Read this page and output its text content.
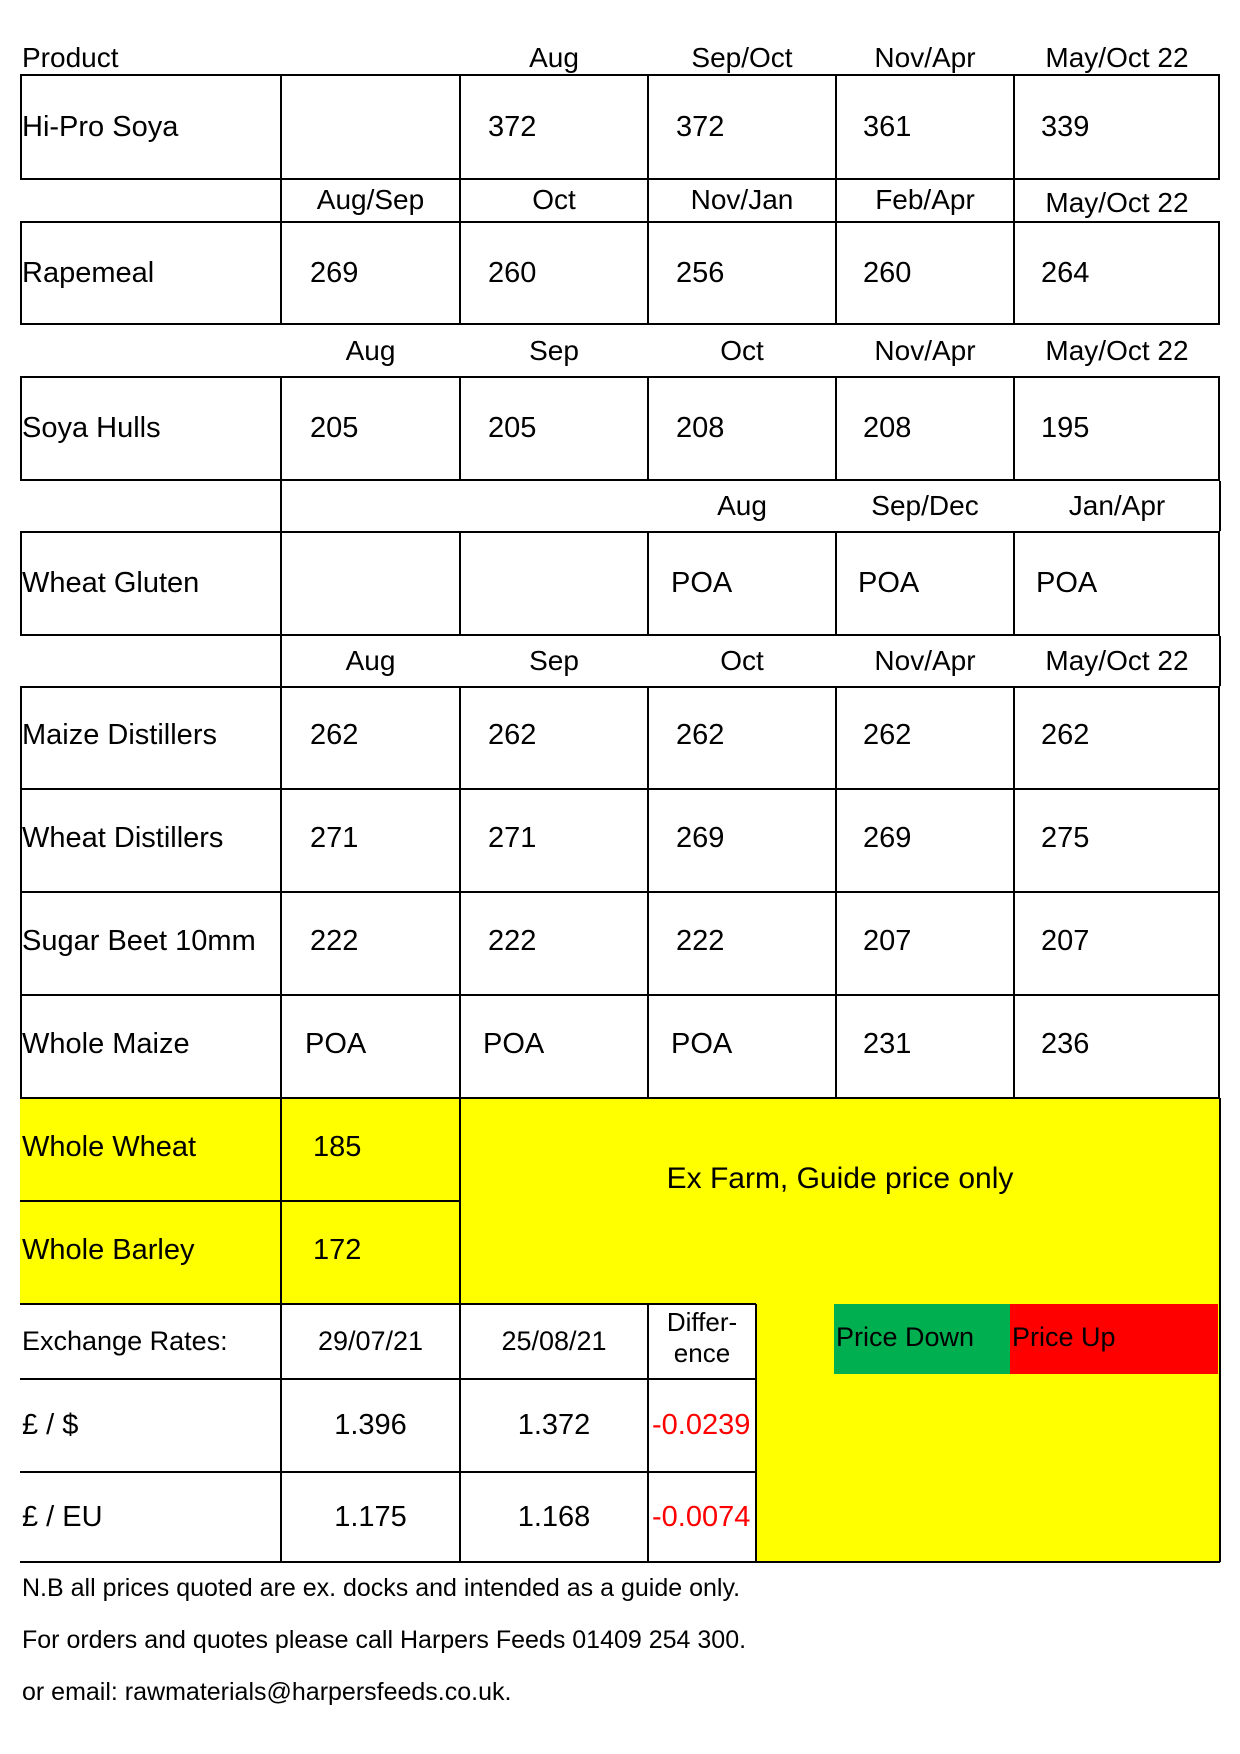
Product	Aug	Sep/Oct	Nov/Apr	May/Oct 22
Hi-Pro Soya	372	372	361	339
Aug/Sep	Oct	Nov/Jan	Feb/Apr	May/Oct 22
Rapemeal	269	260	256	260	264
Aug	Sep	Oct	Nov/Apr	May/Oct 22
Soya Hulls	205	205	208	208	195
Aug	Sep/Dec	Jan/Apr
Wheat Gluten	POA	POA	POA
Aug	Sep	Oct	Nov/Apr	May/Oct 22
Maize Distillers	262	262	262	262	262
Wheat Distillers	271	271	269	269	275
Sugar Beet 10mm 222	222	222	207	207
Whole Maize	POA	POA	POA	231	236
Whole Wheat	185
Whole Barley	172
Ex Farm, Guide price only
Exchange Rates:	29/07/21	25/08/21
Differ-
ence
£ / $	1.396	1.372	-0.0239
£ / EU	1.175	1.168	-0.0074
Price Down Price Up
N.B all prices quoted are ex. docks and intended as a guide only.
For orders and quotes please call Harpers Feeds 01409 254 300.
or email: rawmaterials@harpersfeeds.co.uk.
